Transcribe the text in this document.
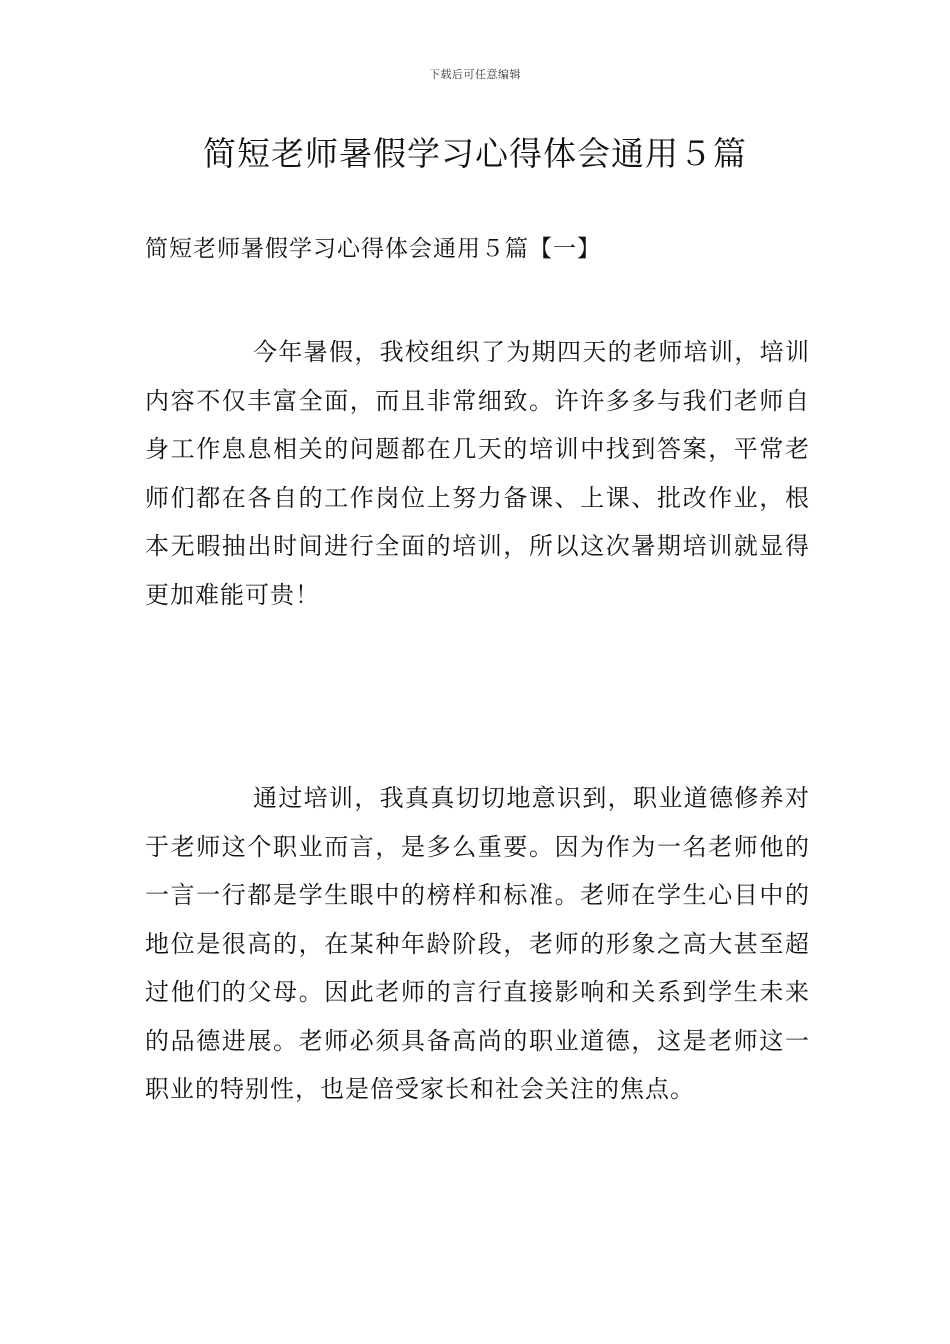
下载后可任意编辑
简短老师暑假学习心得体会通用５篇
简短老师暑假学习心得体会通用５篇【一】

今年暑假，我校组织了为期四天的老师培训，培训内容不仅丰富全面，而且非常细致。许许多多与我们老师自身工作息息相关的问题都在几天的培训中找到答案，平常老师们都在各自的工作岗位上努力备课、上课、批改作业，根本无暇抽出时间进行全面的培训，所以这次暑期培训就显得更加难能可贵！

通过培训，我真真切切地意识到，职业道德修养对于老师这个职业而言，是多么重要。因为作为一名老师他的一言一行都是学生眼中的榜样和标准。老师在学生心目中的地位是很高的，在某种年龄阶段，老师的形象之高大甚至超过他们的父母。因此老师的言行直接影响和关系到学生未来的品德进展。老师必须具备高尚的职业道德，这是老师这一职业的特别性，也是倍受家长和社会关注的焦点。
